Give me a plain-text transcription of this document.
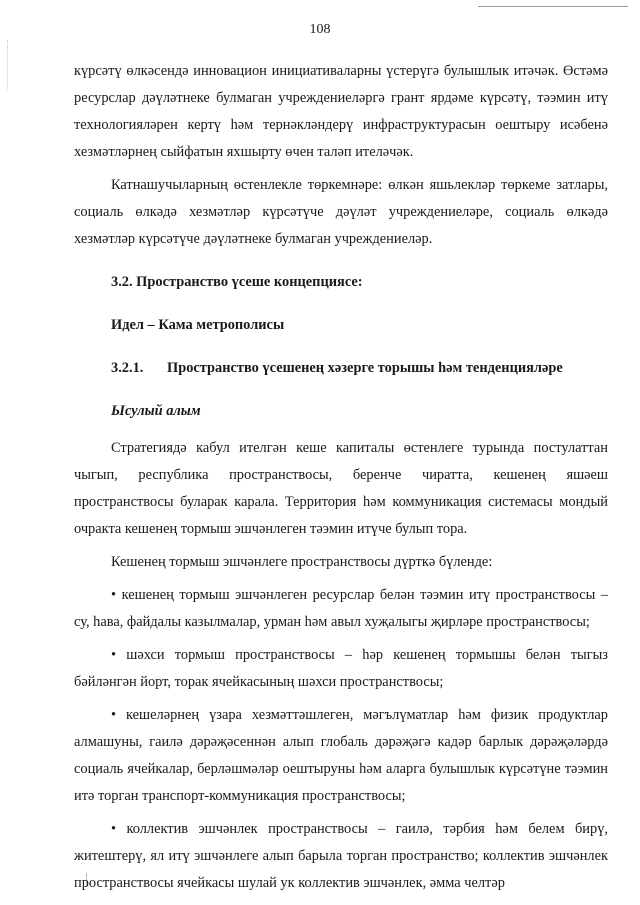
108

күрсәтү өлкәсендә инновацион инициативаларны үстерүгә булышлык итәчәк. Өстәмә ресурслар дәүләтнеке булмаган учреждениеләргә грант ярдәме күрсәтү, тәэмин итү технологияләрен кертү һәм тернәкләндерү инфраструктурасын оештыру исәбенә хезмәтләрнең сыйфатын яхшырту өчен таләп ителәчәк.

Катнашучыларның өстенлекле төркемнәре: өлкән яшьлекләр төркеме затлары, социаль өлкәдә хезмәтләр күрсәтүче дәүләт учреждениеләре, социаль өлкәдә хезмәтләр күрсәтүче дәүләтнеке булмаган учреждениеләр.

3.2. Пространство үсеше концепциясе:

Идел – Кама метрополисы

3.2.1. Пространство үсешенең хәзерге торышы һәм тенденцияләре

Ысулый алым

Стратегиядә кабул ителгән кеше капиталы өстенлеге турында постулаттан чыгып, республика пространствосы, беренче чиратта, кешенең яшәеш пространствосы буларак карала. Территория һәм коммуникация системасы мондый очракта кешенең тормыш эшчәнлеген тәэмин итүче булып тора.

Кешенең тормыш эшчәнлеге пространствосы дүрткә бүленде:

• кешенең тормыш эшчәнлеген ресурслар белән тәэмин итү пространствосы – су, һава, файдалы казылмалар, урман һәм авыл хуҗалыгы җирләре пространствосы;

• шәхси тормыш пространствосы – һәр кешенең тормышы белән тыгыз бәйләнгән йорт, торак ячейкасының шәхси пространствосы;

• кешеләрнең үзара хезмәттәшлеген, мәгълүматлар һәм физик продуктлар алмашуны, гаилә дәрәҗәсеннән алып глобаль дәрәҗәгә кадәр барлык дәрәҗәләрдә социаль ячейкалар, берләшмәләр оештыруны һәм аларга булышлык күрсәтүне тәэмин итә торган транспорт-коммуникация пространствосы;

• коллектив эшчәнлек пространствосы – гаилә, тәрбия һәм белем бирү, житештерү, ял итү эшчәнлеге алып барыла торган пространство; коллектив эшчәнлек пространствосы ячейкасы шулай ук коллектив эшчәнлек, әмма челтәр
